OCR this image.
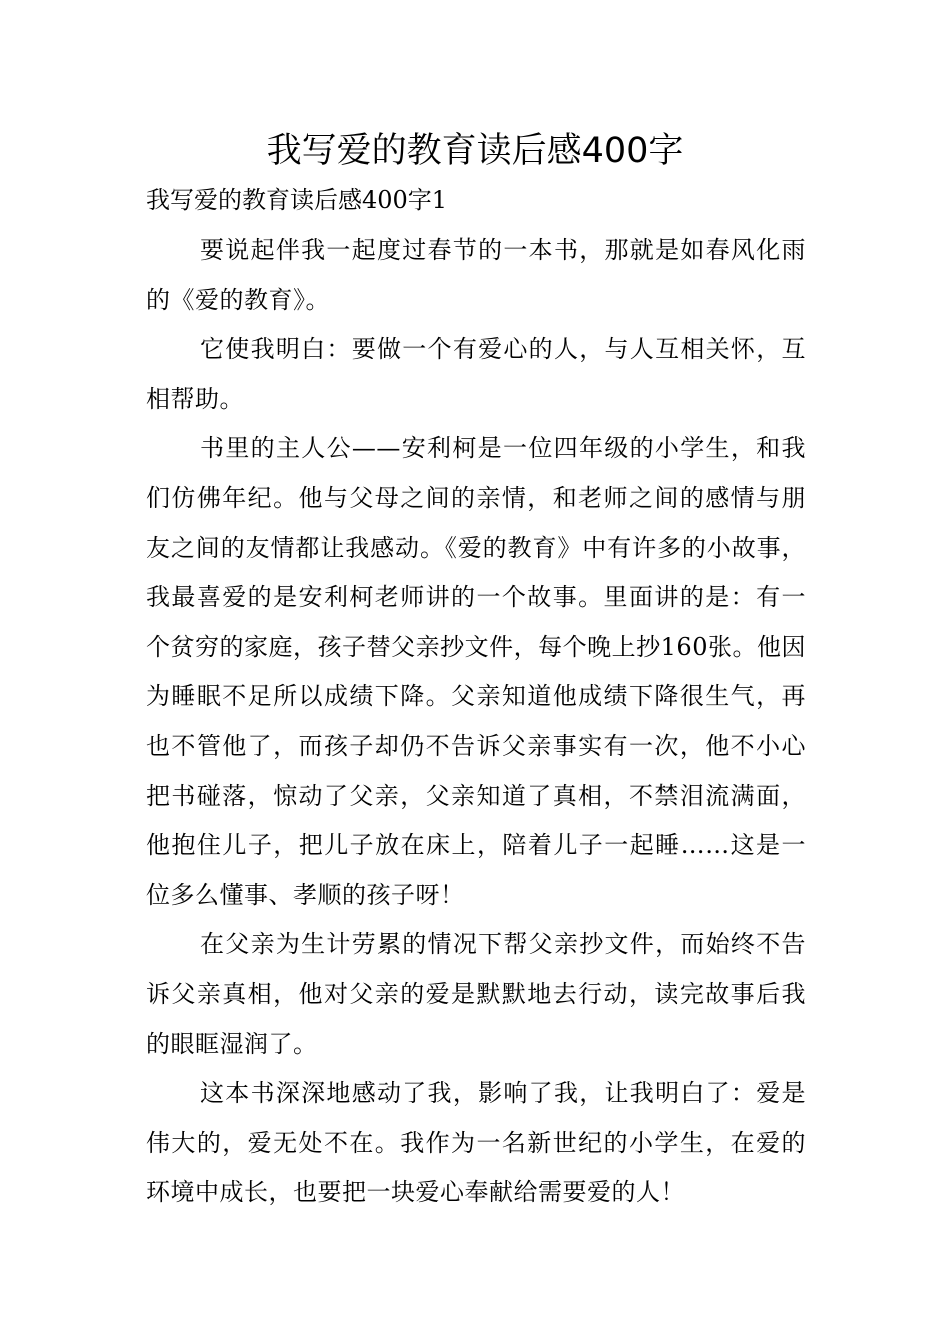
我写爱的教育读后感400字

我写爱的教育读后感400字1

要说起伴我一起度过春节的一本书，那就是如春风化雨的《爱的教育》。

它使我明白：要做一个有爱心的人，与人互相关怀，互相帮助。

书里的主人公——安利柯是一位四年级的小学生，和我们仿佛年纪。他与父母之间的亲情，和老师之间的感情与朋友之间的友情都让我感动。《爱的教育》中有许多的小故事，我最喜爱的是安利柯老师讲的一个故事。里面讲的是：有一个贫穷的家庭，孩子替父亲抄文件，每个晚上抄160张。他因为睡眠不足所以成绩下降。父亲知道他成绩下降很生气，再也不管他了，而孩子却仍不告诉父亲事实有一次，他不小心把书碰落，惊动了父亲，父亲知道了真相，不禁泪流满面，他抱住儿子，把儿子放在床上，陪着儿子一起睡……这是一位多么懂事、孝顺的孩子呀！

在父亲为生计劳累的情况下帮父亲抄文件，而始终不告诉父亲真相，他对父亲的爱是默默地去行动，读完故事后我的眼眶湿润了。

这本书深深地感动了我，影响了我，让我明白了：爱是伟大的，爱无处不在。我作为一名新世纪的小学生，在爱的环境中成长，也要把一块爱心奉献给需要爱的人！
